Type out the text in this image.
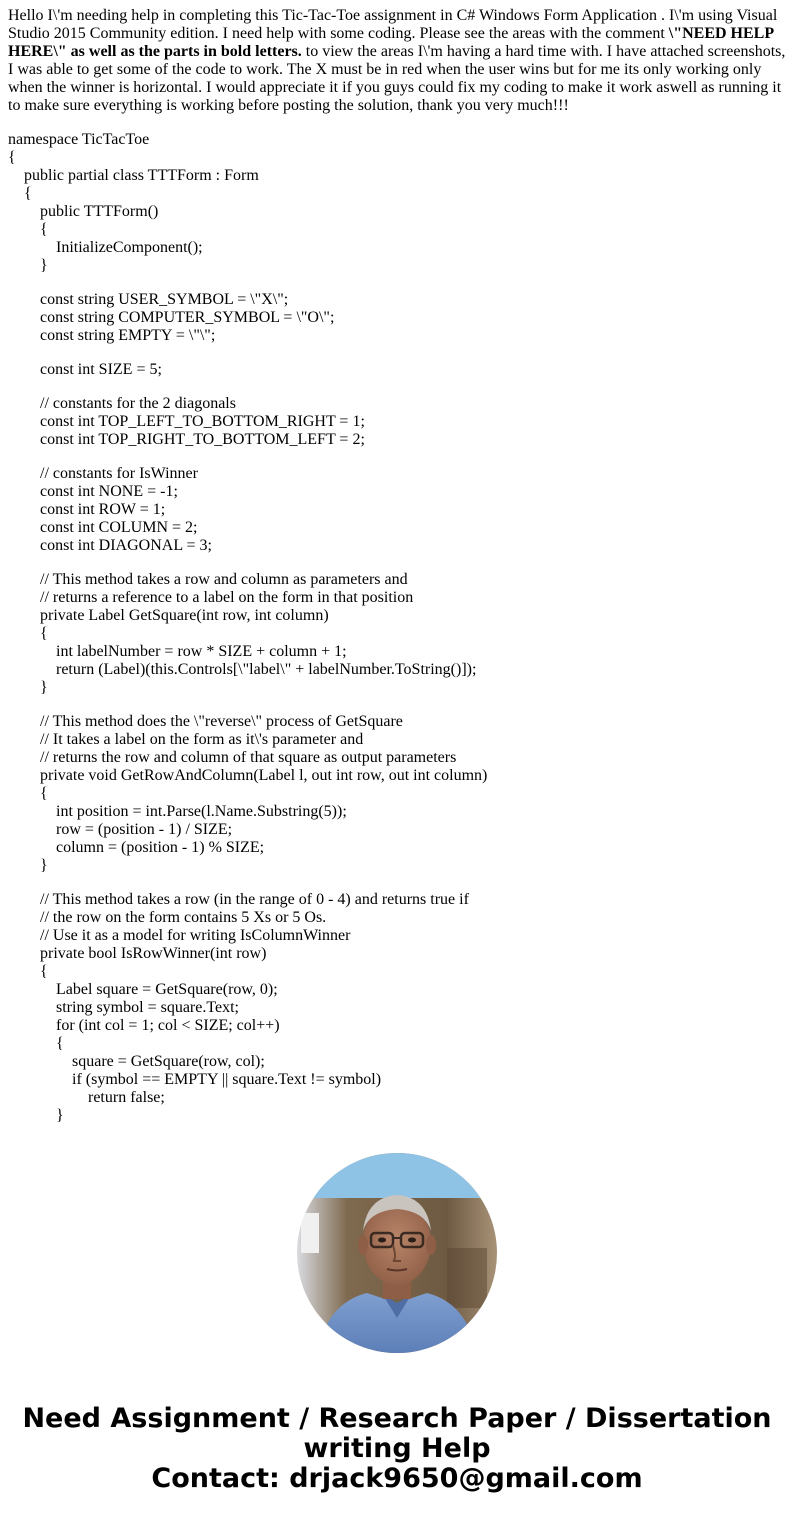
Hello I\'m needing help in completing this Tic-Tac-Toe assignment in C# Windows Form Application . I\'m using Visual Studio 2015 Community edition. I need help with some coding. Please see the areas with the comment \"NEED HELP HERE\" as well as the parts in bold letters. to view the areas I\'m having a hard time with. I have attached screenshots, I was able to get some of the code to work. The X must be in red when the user wins but for me its only working only when the winner is horizontal. I would appreciate it if you guys could fix my coding to make it work aswell as running it to make sure everything is working before posting the solution, thank you very much!!!

namespace TicTacToe
{
public partial class TTTForm : Form
{
public TTTForm()
{
InitializeComponent();
}
const string USER_SYMBOL = \"X\";
const string COMPUTER_SYMBOL = \"O\";
const string EMPTY = \"\";
const int SIZE = 5;
// constants for the 2 diagonals
const int TOP_LEFT_TO_BOTTOM_RIGHT = 1;
const int TOP_RIGHT_TO_BOTTOM_LEFT = 2;
// constants for IsWinner
const int NONE = -1;
const int ROW = 1;
const int COLUMN = 2;
const int DIAGONAL = 3;
// This method takes a row and column as parameters and
// returns a reference to a label on the form in that position
private Label GetSquare(int row, int column)
{
int labelNumber = row * SIZE + column + 1;
return (Label)(this.Controls[\"label\" + labelNumber.ToString()]);
}
// This method does the \"reverse\" process of GetSquare
// It takes a label on the form as it\'s parameter and
// returns the row and column of that square as output parameters
private void GetRowAndColumn(Label l, out int row, out int column)
{
int position = int.Parse(l.Name.Substring(5));
row = (position - 1) / SIZE;
column = (position - 1) % SIZE;
}
// This method takes a row (in the range of 0 - 4) and returns true if
// the row on the form contains 5 Xs or 5 Os.
// Use it as a model for writing IsColumnWinner
private bool IsRowWinner(int row)
{
Label square = GetSquare(row, 0);
string symbol = square.Text;
for (int col = 1; col < SIZE; col++)
{
square = GetSquare(row, col);
if (symbol == EMPTY || square.Text != symbol)
return false;
}
Need Assignment / Research Paper / Dissertation writing Help
Contact: drjack9650@gmail.com
